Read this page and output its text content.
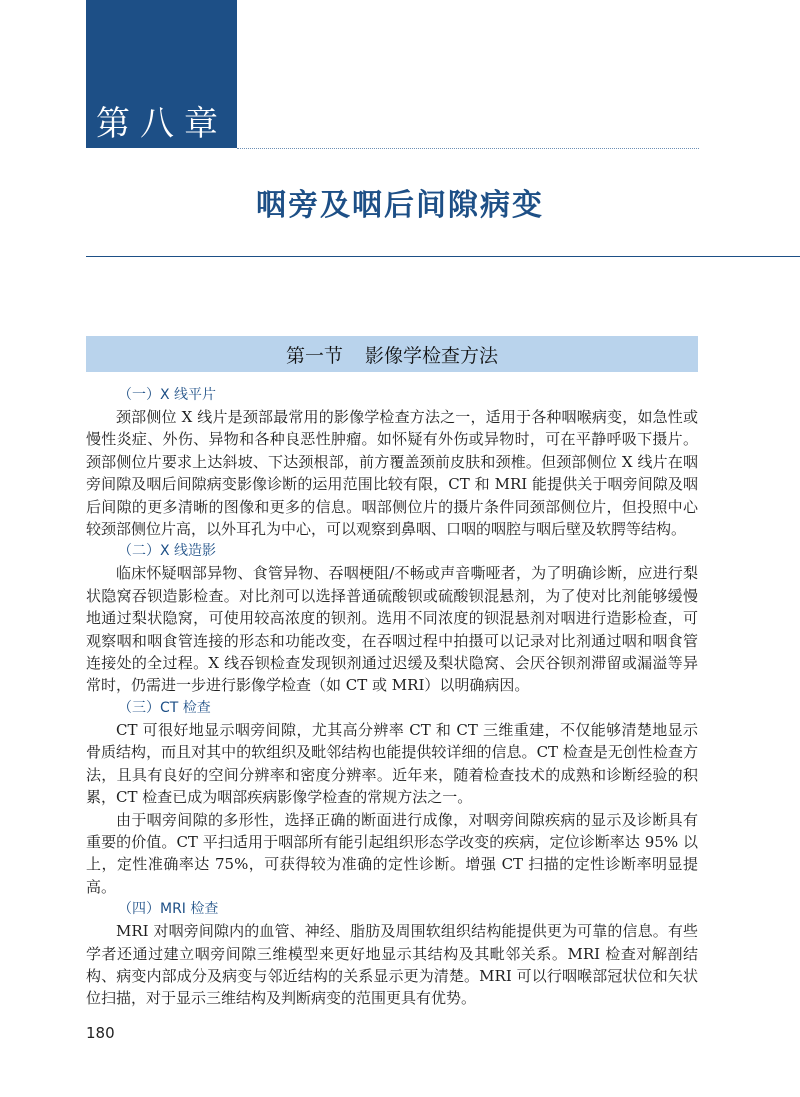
第八章
咽旁及咽后间隙病变
第一节 影像学检查方法
（一）X 线平片

颈部侧位 X 线片是颈部最常用的影像学检查方法之一，适用于各种咽喉病变，如急性或慢性炎症、外伤、异物和各种良恶性肿瘤。如怀疑有外伤或异物时，可在平静呼吸下摄片。颈部侧位片要求上达斜坡、下达颈根部，前方覆盖颈前皮肤和颈椎。但颈部侧位 X 线片在咽旁间隙及咽后间隙病变影像诊断的运用范围比较有限，CT 和 MRI 能提供关于咽旁间隙及咽后间隙的更多清晰的图像和更多的信息。咽部侧位片的摄片条件同颈部侧位片，但投照中心较颈部侧位片高，以外耳孔为中心，可以观察到鼻咽、口咽的咽腔与咽后壁及软腭等结构。

（二）X 线造影

临床怀疑咽部异物、食管异物、吞咽梗阻/不畅或声音嘶哑者，为了明确诊断，应进行梨状隐窝吞钡造影检查。对比剂可以选择普通硫酸钡或硫酸钡混悬剂，为了使对比剂能够缓慢地通过梨状隐窝，可使用较高浓度的钡剂。选用不同浓度的钡混悬剂对咽进行造影检查，可观察咽和咽食管连接的形态和功能改变，在吞咽过程中拍摄可以记录对比剂通过咽和咽食管连接处的全过程。X 线吞钡检查发现钡剂通过迟缓及梨状隐窝、会厌谷钡剂滞留或漏溢等异常时，仍需进一步进行影像学检查（如 CT 或 MRI）以明确病因。

（三）CT 检查

CT 可很好地显示咽旁间隙，尤其高分辨率 CT 和 CT 三维重建，不仅能够清楚地显示骨质结构，而且对其中的软组织及毗邻结构也能提供较详细的信息。CT 检查是无创性检查方法，且具有良好的空间分辨率和密度分辨率。近年来，随着检查技术的成熟和诊断经验的积累，CT 检查已成为咽部疾病影像学检查的常规方法之一。

由于咽旁间隙的多形性，选择正确的断面进行成像，对咽旁间隙疾病的显示及诊断具有重要的价值。CT 平扫适用于咽部所有能引起组织形态学改变的疾病，定位诊断率达 95% 以上，定性准确率达 75%，可获得较为准确的定性诊断。增强 CT 扫描的定性诊断率明显提高。

（四）MRI 检查

MRI 对咽旁间隙内的血管、神经、脂肪及周围软组织结构能提供更为可靠的信息。有些学者还通过建立咽旁间隙三维模型来更好地显示其结构及其毗邻关系。MRI 检查对解剖结构、病变内部成分及病变与邻近结构的关系显示更为清楚。MRI 可以行咽喉部冠状位和矢状位扫描，对于显示三维结构及判断病变的范围更具有优势。

180
